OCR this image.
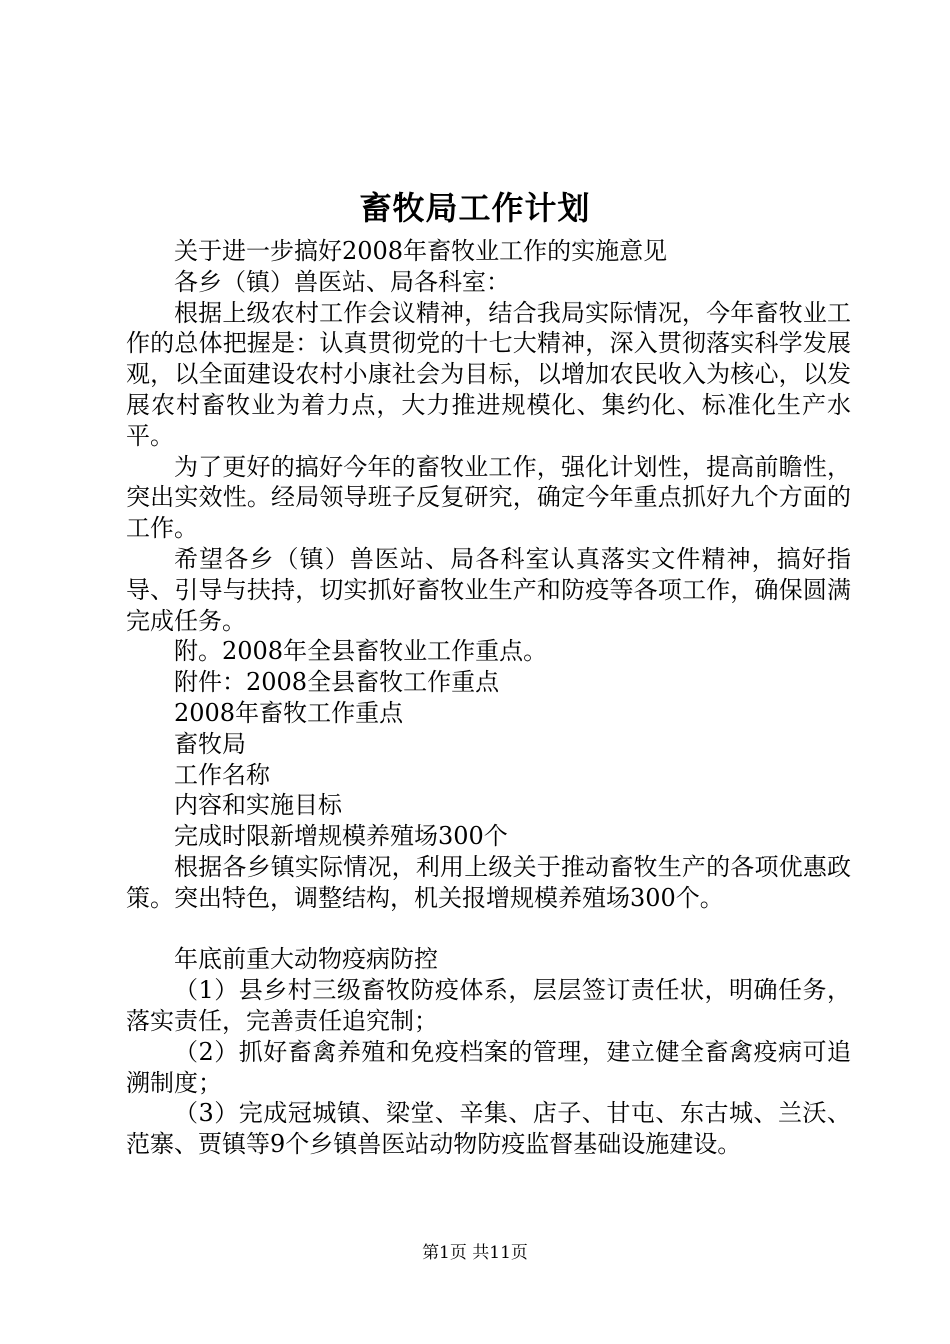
畜牧局工作计划

关于进一步搞好2008年畜牧业工作的实施意见

各乡（镇）兽医站、局各科室：

根据上级农村工作会议精神，结合我局实际情况，今年畜牧业工作的总体把握是：认真贯彻党的十七大精神，深入贯彻落实科学发展观，以全面建设农村小康社会为目标，以增加农民收入为核心，以发展农村畜牧业为着力点，大力推进规模化、集约化、标准化生产水平。

为了更好的搞好今年的畜牧业工作，强化计划性，提高前瞻性，突出实效性。经局领导班子反复研究，确定今年重点抓好九个方面的工作。

希望各乡（镇）兽医站、局各科室认真落实文件精神，搞好指导、引导与扶持，切实抓好畜牧业生产和防疫等各项工作，确保圆满完成任务。

附。2008年全县畜牧业工作重点。

附件：2008全县畜牧工作重点

2008年畜牧工作重点

畜牧局

工作名称

内容和实施目标

完成时限新增规模养殖场300个

根据各乡镇实际情况，利用上级关于推动畜牧生产的各项优惠政策。突出特色，调整结构，机关报增规模养殖场300个。

年底前重大动物疫病防控

（1）县乡村三级畜牧防疫体系，层层签订责任状，明确任务，落实责任，完善责任追究制；

（2）抓好畜禽养殖和免疫档案的管理，建立健全畜禽疫病可追溯制度；

（3）完成冠城镇、梁堂、辛集、店子、甘屯、东古城、兰沃、范寨、贾镇等9个乡镇兽医站动物防疫监督基础设施建设。

第1页 共11页
